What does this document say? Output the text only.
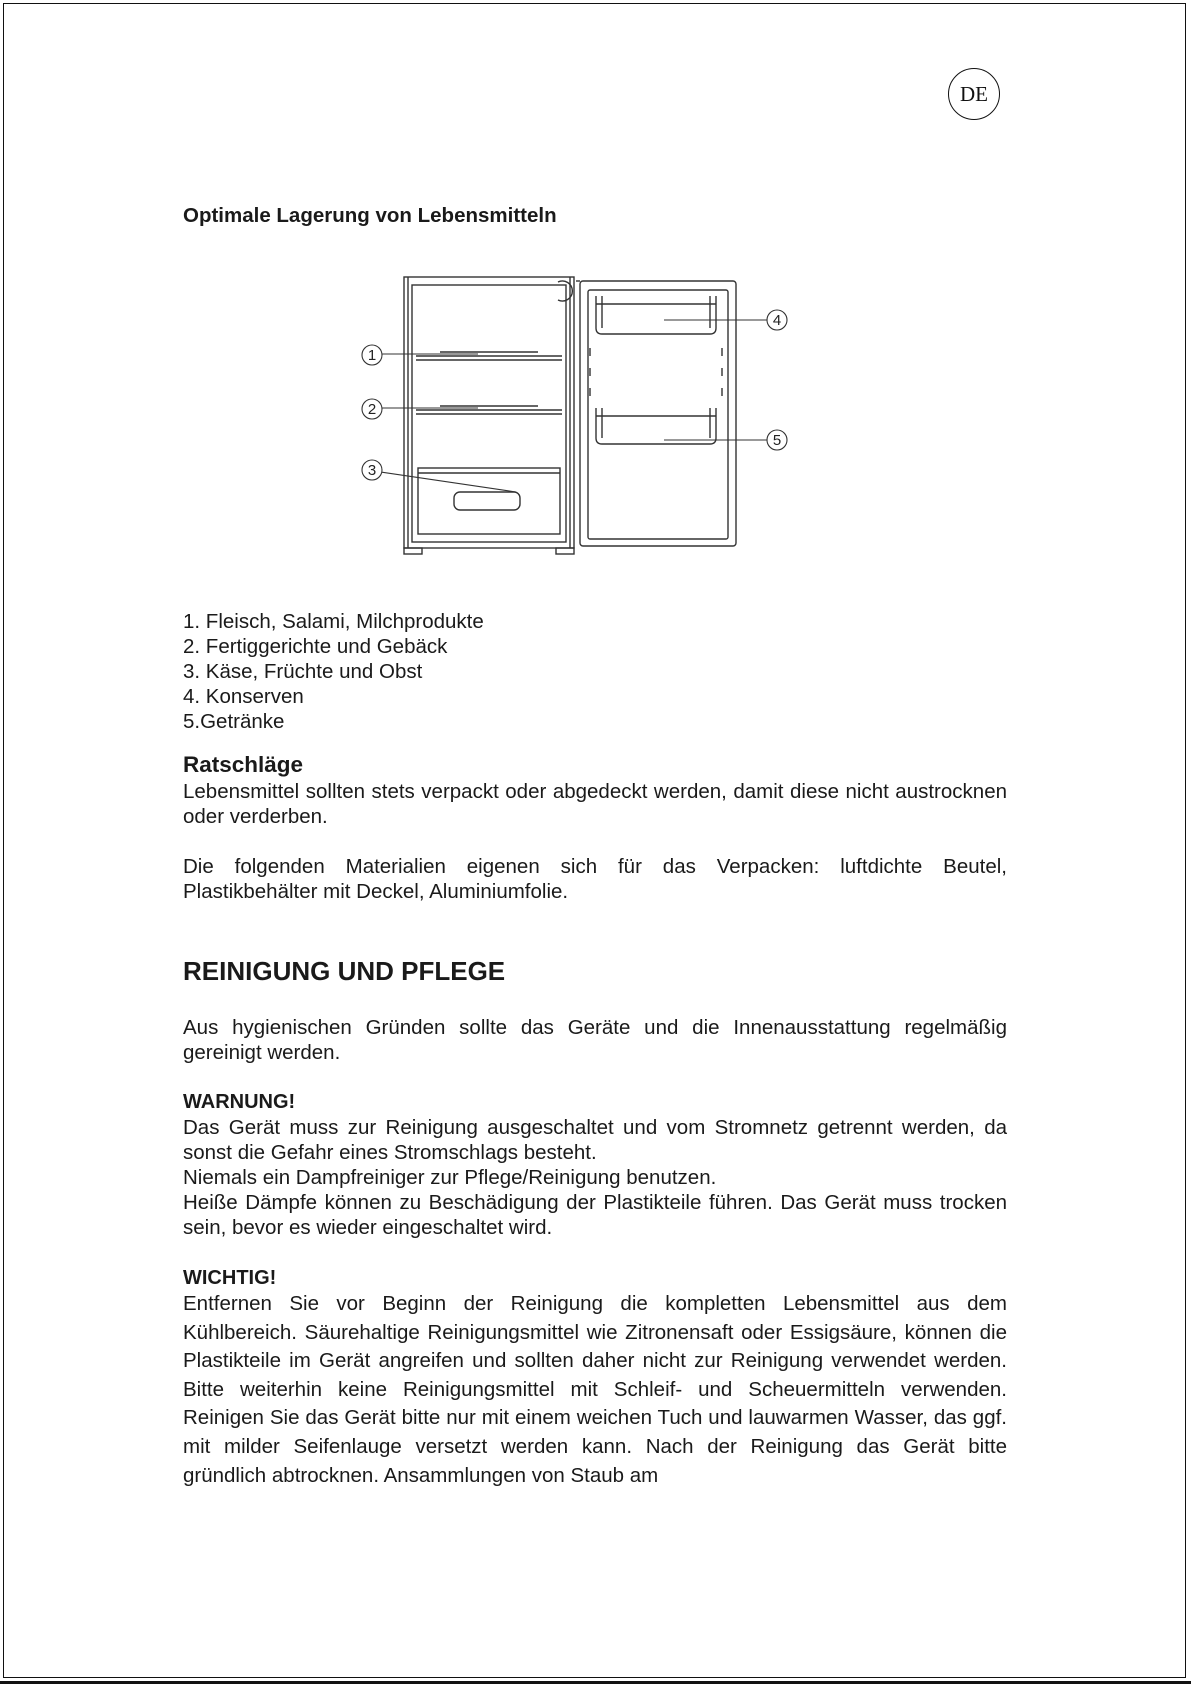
DE
Optimale Lagerung von Lebensmitteln
1
2
3
4
5
1. Fleisch, Salami, Milchprodukte
2. Fertiggerichte und Gebäck
3. Käse, Früchte und Obst
4. Konserven
5.Getränke
Ratschläge

Lebensmittel sollten stets verpackt oder abgedeckt werden, damit diese nicht austrocknen oder verderben.

Die folgenden Materialien eigenen sich für das Verpacken: luftdichte Beutel, Plastikbehälter mit Deckel, Aluminiumfolie.

REINIGUNG UND PFLEGE

Aus hygienischen Gründen sollte das Geräte und die Innenausstattung regelmäßig gereinigt werden.

WARNUNG!

Das Gerät muss zur Reinigung ausgeschaltet und vom Stromnetz getrennt werden, da sonst die Gefahr eines Stromschlags besteht.

Niemals ein Dampfreiniger zur Pflege/Reinigung benutzen.

Heiße Dämpfe können zu Beschädigung der Plastikteile führen. Das Gerät muss trocken sein, bevor es wieder eingeschaltet wird.

WICHTIG!

Entfernen Sie vor Beginn der Reinigung die kompletten Lebensmittel aus dem Kühlbereich. Säurehaltige Reinigungsmittel wie Zitronensaft oder Essigsäure, können die Plastikteile im Gerät angreifen und sollten daher nicht zur Reinigung verwendet werden. Bitte weiterhin keine Reinigungsmittel mit Schleif- und Scheuermitteln verwenden. Reinigen Sie das Gerät bitte nur mit einem weichen Tuch und lauwarmen Wasser, das ggf. mit milder Seifenlauge versetzt werden kann. Nach der Reinigung das Gerät bitte gründlich abtrocknen. Ansammlungen von Staub am
